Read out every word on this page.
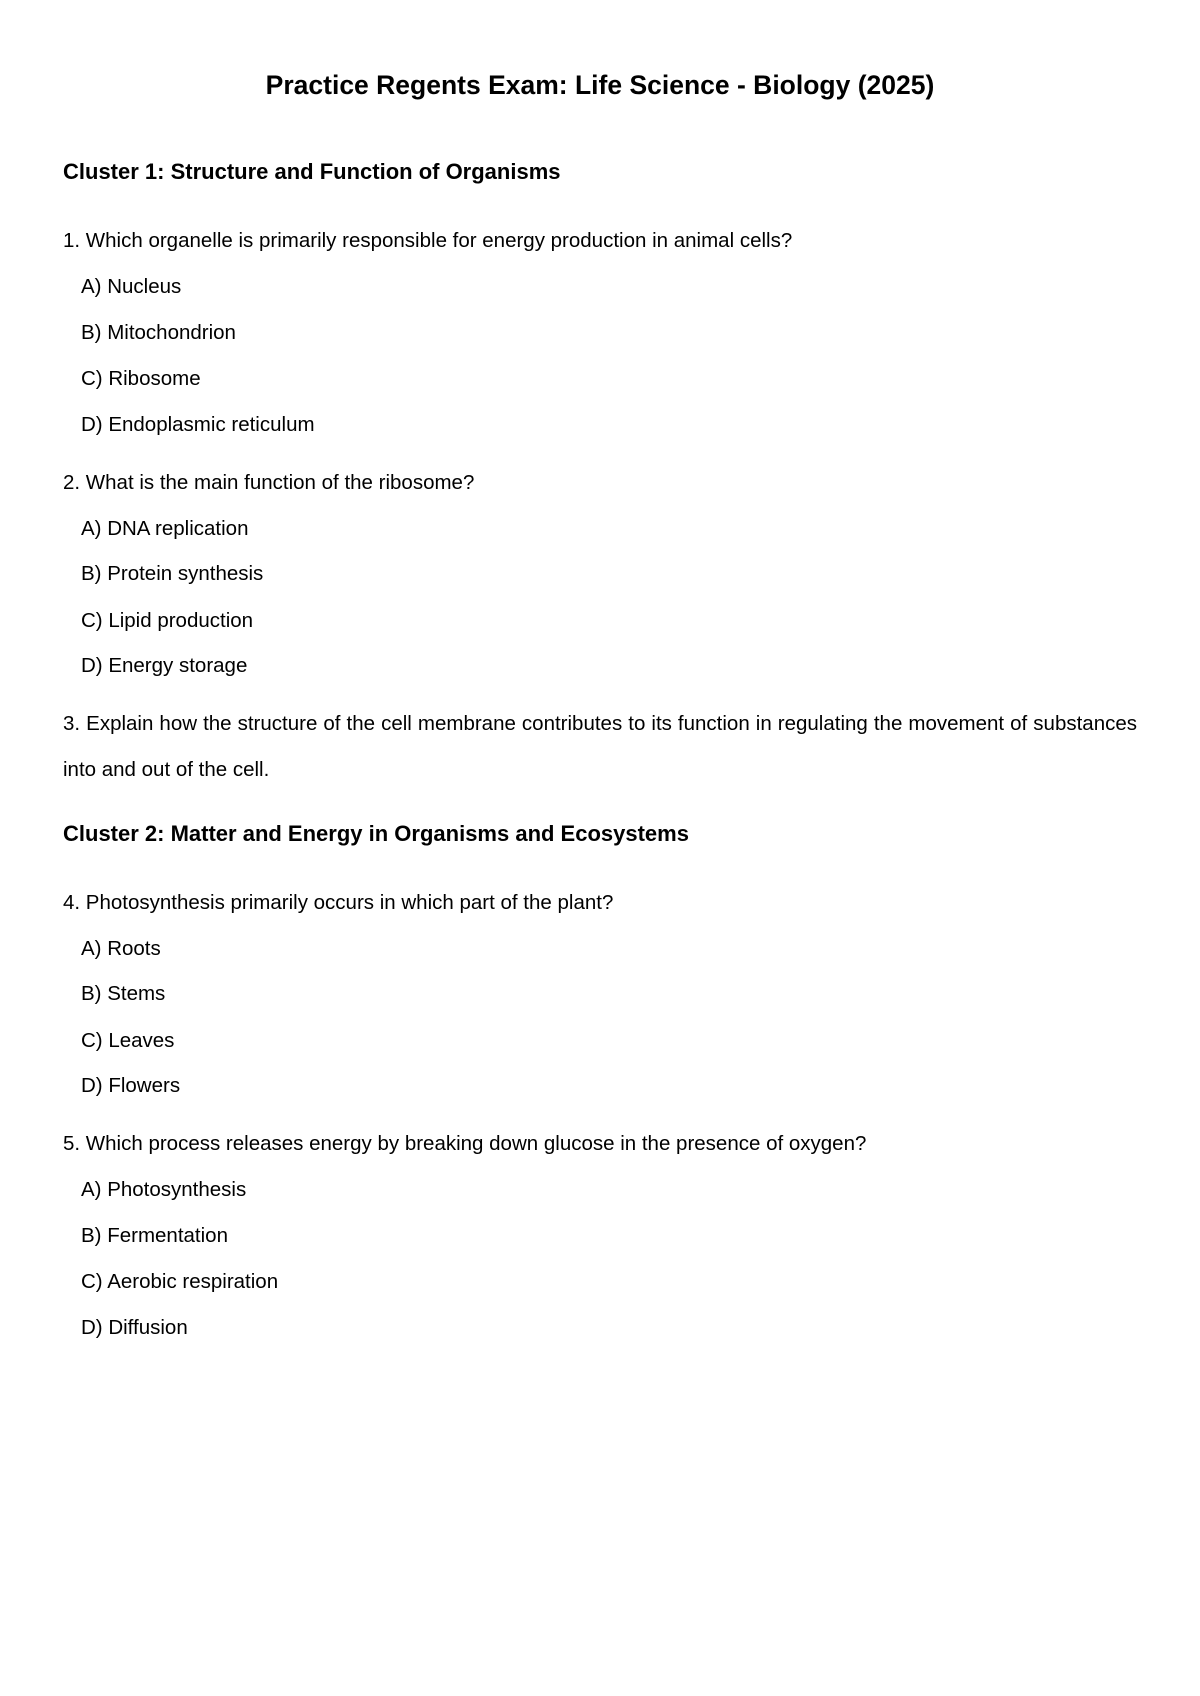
Practice Regents Exam: Life Science - Biology (2025)
Cluster 1: Structure and Function of Organisms
1. Which organelle is primarily responsible for energy production in animal cells?
A) Nucleus
B) Mitochondrion
C) Ribosome
D) Endoplasmic reticulum
2. What is the main function of the ribosome?
A) DNA replication
B) Protein synthesis
C) Lipid production
D) Energy storage
3. Explain how the structure of the cell membrane contributes to its function in regulating the movement of substances into and out of the cell.
Cluster 2: Matter and Energy in Organisms and Ecosystems
4. Photosynthesis primarily occurs in which part of the plant?
A) Roots
B) Stems
C) Leaves
D) Flowers
5. Which process releases energy by breaking down glucose in the presence of oxygen?
A) Photosynthesis
B) Fermentation
C) Aerobic respiration
D) Diffusion
